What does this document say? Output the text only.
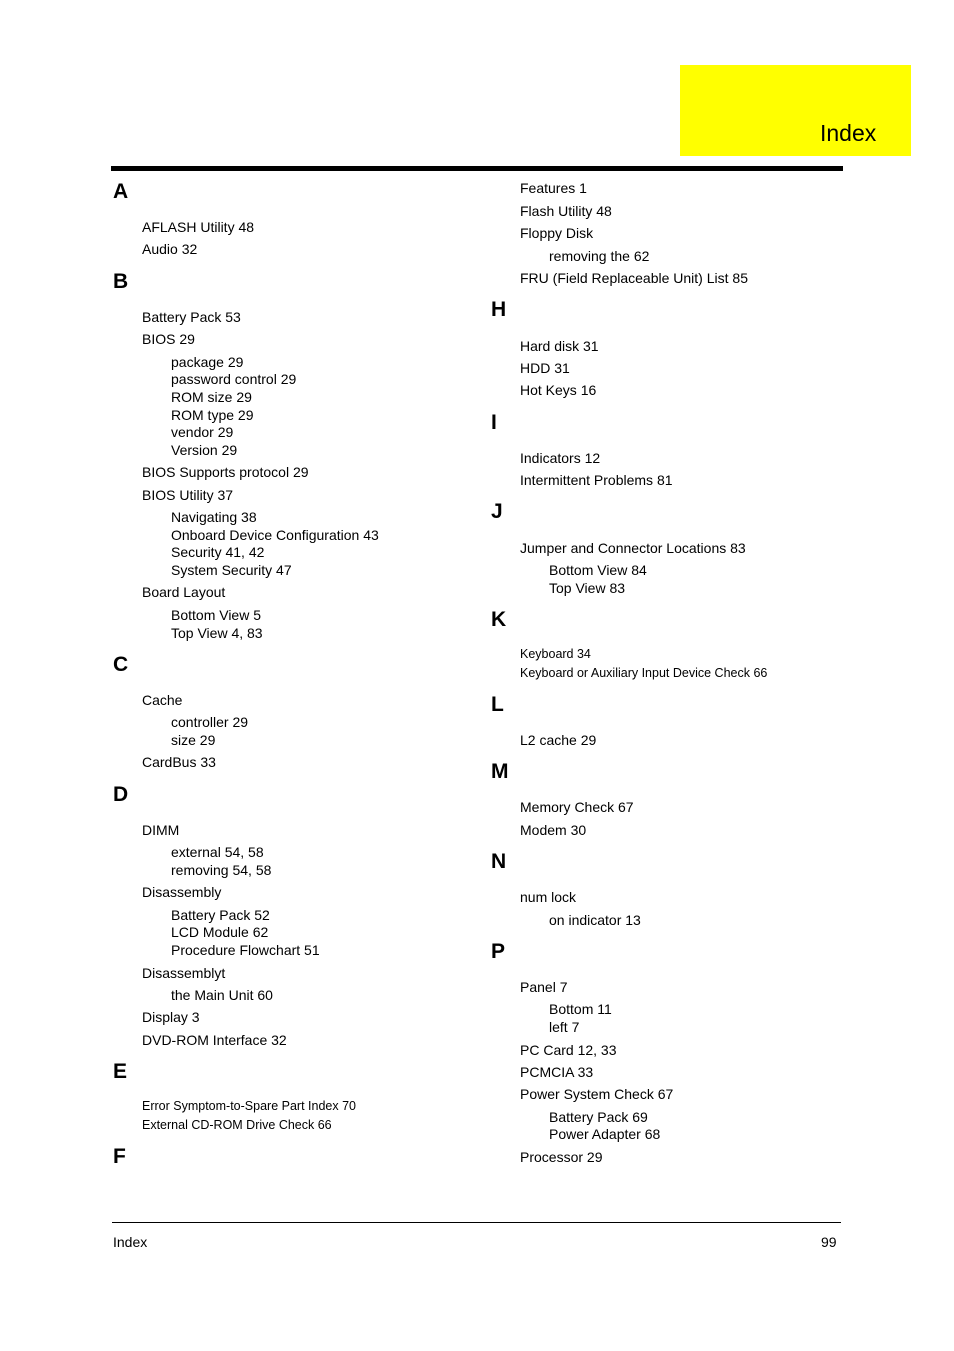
Index
A
AFLASH Utility 48
Audio 32
B
Battery Pack 53
BIOS 29
package 29
password control 29
ROM size 29
ROM type 29
vendor 29
Version 29
BIOS Supports protocol 29
BIOS Utility 37
Navigating 38
Onboard Device Configuration 43
Security 41, 42
System Security 47
Board Layout
Bottom View 5
Top View 4, 83
C
Cache
controller 29
size 29
CardBus 33
D
DIMM
external 54, 58
removing 54, 58
Disassembly
Battery Pack 52
LCD Module 62
Procedure Flowchart 51
Disassemblyt
the Main Unit 60
Display 3
DVD-ROM Interface 32
E
Error Symptom-to-Spare Part Index 70
External CD-ROM Drive Check 66
F
Features 1
Flash Utility 48
Floppy Disk
removing the 62
FRU (Field Replaceable Unit) List 85
H
Hard disk 31
HDD 31
Hot Keys 16
I
Indicators 12
Intermittent Problems 81
J
Jumper and Connector Locations 83
Bottom View 84
Top View 83
K
Keyboard 34
Keyboard or Auxiliary Input Device Check 66
L
L2 cache 29
M
Memory Check 67
Modem 30
N
num lock
on indicator 13
P
Panel 7
Bottom 11
left 7
PC Card 12, 33
PCMCIA 33
Power System Check 67
Battery Pack 69
Power Adapter 68
Processor 29
Index	99
